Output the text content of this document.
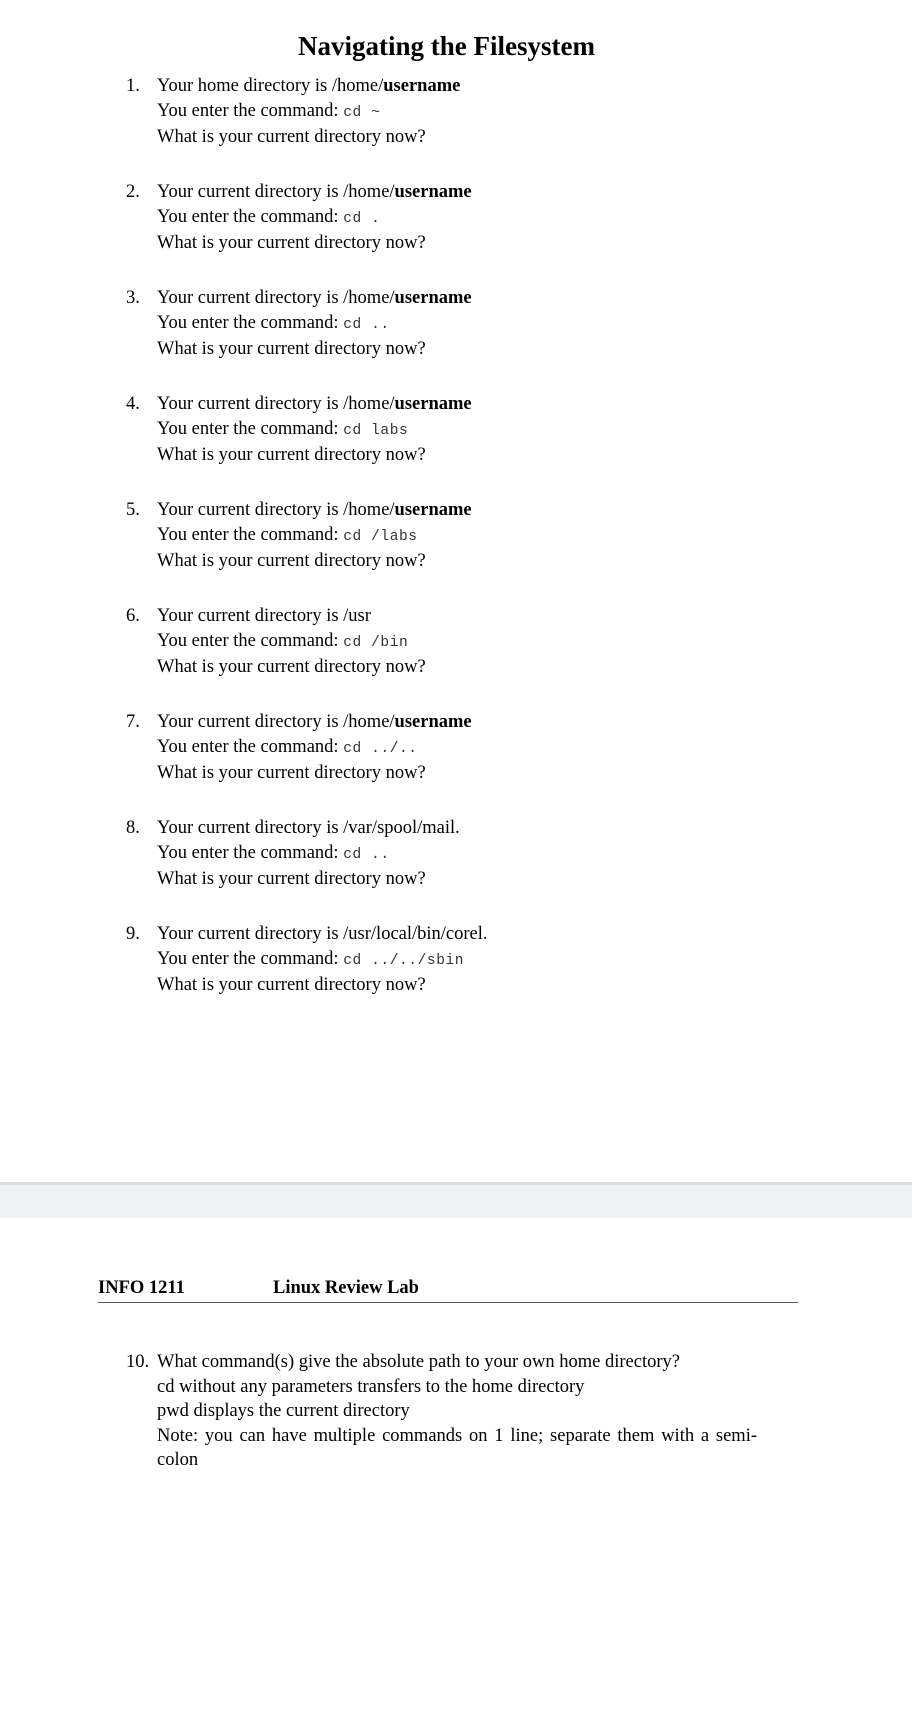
Navigating the Filesystem
1. Your home directory is /home/username
You enter the command: cd ~
What is your current directory now?
2. Your current directory is /home/username
You enter the command: cd .
What is your current directory now?
3. Your current directory is /home/username
You enter the command: cd ..
What is your current directory now?
4. Your current directory is /home/username
You enter the command: cd labs
What is your current directory now?
5. Your current directory is /home/username
You enter the command: cd /labs
What is your current directory now?
6. Your current directory is /usr
You enter the command: cd /bin
What is your current directory now?
7. Your current directory is /home/username
You enter the command: cd ../..
What is your current directory now?
8. Your current directory is /var/spool/mail.
You enter the command: cd ..
What is your current directory now?
9. Your current directory is /usr/local/bin/corel.
You enter the command: cd ../../sbin
What is your current directory now?
INFO 1211	Linux Review Lab
10. What command(s) give the absolute path to your own home directory?
cd without any parameters transfers to the home directory
pwd displays the current directory
Note: you can have multiple commands on 1 line; separate them with a semi-colon
